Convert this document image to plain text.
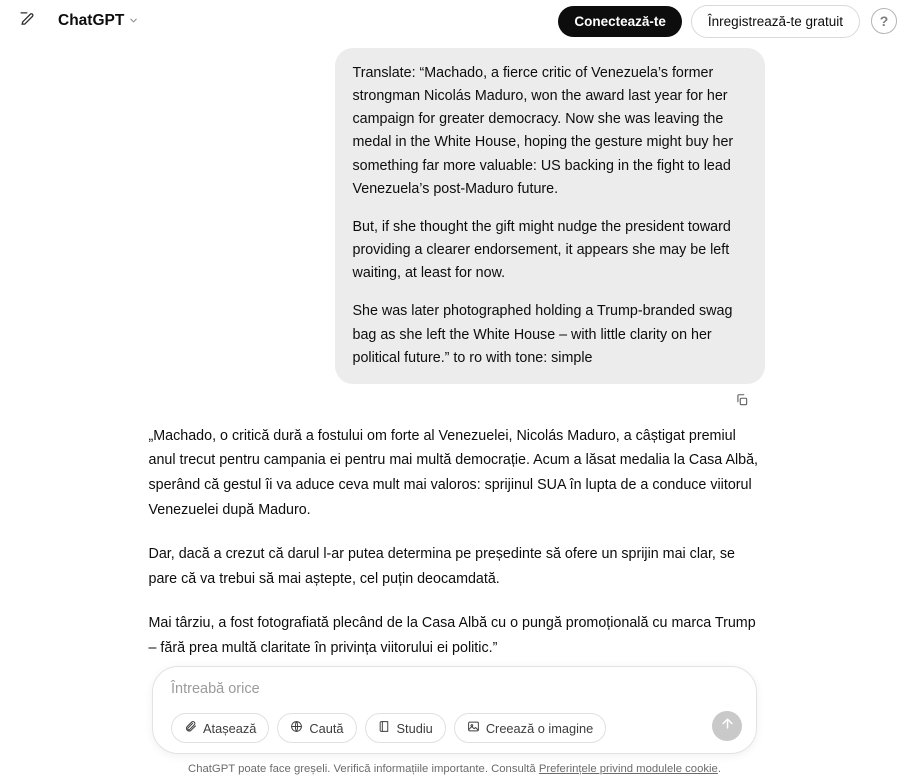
ChatGPT	Conectează-te	Înregistrează-te gratuit	?

Translate: “Machado, a fierce critic of Venezuela’s former strongman Nicolás Maduro, won the award last year for her campaign for greater democracy. Now she was leaving the medal in the White House, hoping the gesture might buy her something far more valuable: US backing in the fight to lead Venezuela’s post-Maduro future.

But, if she thought the gift might nudge the president toward providing a clearer endorsement, it appears she may be left waiting, at least for now.

She was later photographed holding a Trump-branded swag bag as she left the White House – with little clarity on her political future.” to ro with tone: simple

„Machado, o critică dură a fostului om forte al Venezuelei, Nicolás Maduro, a câștigat premiul anul trecut pentru campania ei pentru mai multă democrație. Acum a lăsat medalia la Casa Albă, sperând că gestul îi va aduce ceva mult mai valoros: sprijinul SUA în lupta de a conduce viitorul Venezuelei după Maduro.

Dar, dacă a crezut că darul l-ar putea determina pe președinte să ofere un sprijin mai clar, se pare că va trebui să mai aștepte, cel puțin deocamdată.

Mai târziu, a fost fotografiată plecând de la Casa Albă cu o pungă promoțională cu marca Trump – fără prea multă claritate în privința viitorului ei politic.”

Întreabă orice
Atașează	Caută	Studiu	Creează o imagine
ChatGPT poate face greșeli. Verifică informațiile importante. Consultă Preferințele privind modulele cookie.
